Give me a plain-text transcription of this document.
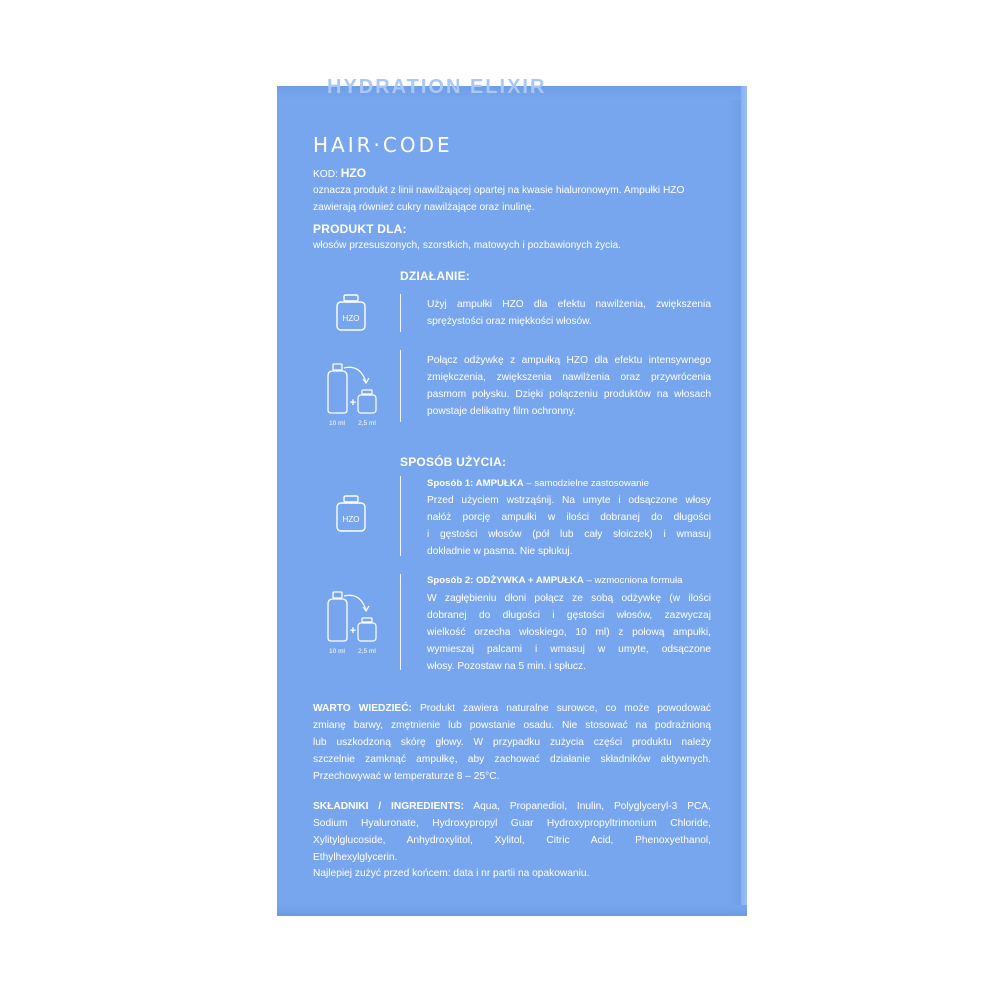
HYDRATION ELIXIR
HAIR·CODE
KOD: HZO
oznacza produkt z linii nawilżającej opartej na kwasie hialuronowym. Ampułki HZO
zawierają również cukry nawilżające oraz inulinę.
PRODUKT DLA:
włosów przesuszonych, szorstkich, matowych i pozbawionych życia.
DZIAŁANIE:
HZO
Użyj ampułki HZO dla efektu nawilżenia, zwiększenia
sprężystości oraz miękkości włosów.
+
10 ml 2,5 ml
Połącz odżywkę z ampułką HZO dla efektu intensywnego
zmiękczenia, zwiększenia nawilżenia oraz przywrócenia
pasmom połysku. Dzięki połączeniu produktów na włosach
powstaje delikatny film ochronny.
SPOSÓB UŻYCIA:
HZO
Sposób 1: AMPUŁKA – samodzielne zastosowanie
Przed użyciem wstrząśnij. Na umyte i odsączone włosy
nałóż porcję ampułki w ilości dobranej do długości
i gęstości włosów (pół lub cały słoiczek) i wmasuj
dokładnie w pasma. Nie spłukuj.
+
10 ml 2,5 ml
Sposób 2: ODŻYWKA + AMPUŁKA – wzmocniona formuła
W zagłębieniu dłoni połącz ze sobą odżywkę (w ilości
dobranej do długości i gęstości włosów, zazwyczaj
wielkość orzecha włoskiego, 10 ml) z połową ampułki,
wymieszaj palcami i wmasuj w umyte, odsączone
włosy. Pozostaw na 5 min. i spłucz.
WARTO WIEDZIEĆ: Produkt zawiera naturalne surowce, co może powodować
zmianę barwy, zmętnienie lub powstanie osadu. Nie stosować na podrażnioną
lub uszkodzoną skórę głowy. W przypadku zużycia części produktu należy
szczelnie zamknąć ampułkę, aby zachować działanie składników aktywnych.
Przechowywać w temperaturze 8 – 25°C.
SKŁADNIKI / INGREDIENTS: Aqua, Propanediol, Inulin, Polyglyceryl-3 PCA,
Sodium Hyaluronate, Hydroxypropyl Guar Hydroxypropyltrimonium Chloride,
Xylitylglucoside, Anhydroxylitol, Xylitol, Citric Acid, Phenoxyethanol,
Ethylhexylglycerin.
Najlepiej zużyć przed końcem: data i nr partii na opakowaniu.
